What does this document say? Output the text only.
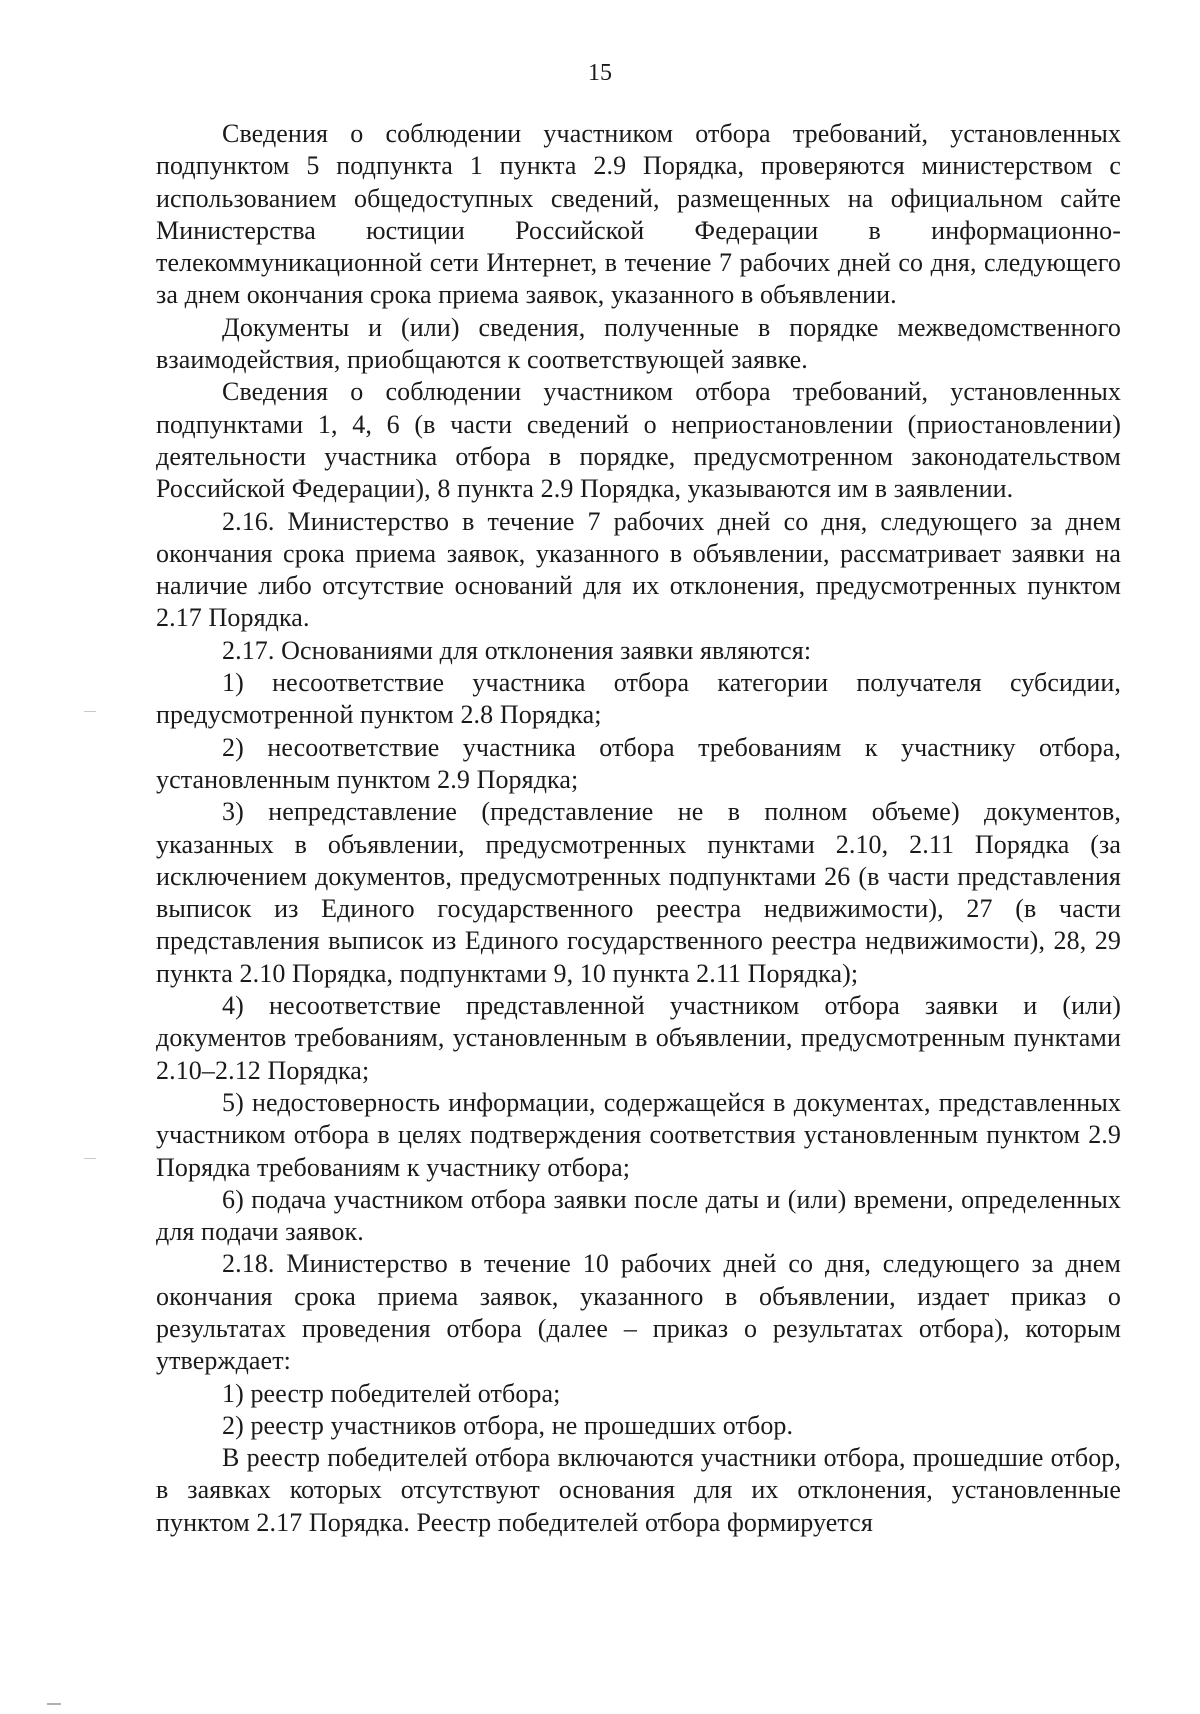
15

Сведения о соблюдении участником отбора требований, установленных подпунктом 5 подпункта 1 пункта 2.9 Порядка, проверяются министерством с использованием общедоступных сведений, размещенных на официальном сайте Министерства юстиции Российской Федерации в информационно-телекоммуникационной сети Интернет, в течение 7 рабочих дней со дня, следующего за днем окончания срока приема заявок, указанного в объявлении.

Документы и (или) сведения, полученные в порядке межведомственного взаимодействия, приобщаются к соответствующей заявке.

Сведения о соблюдении участником отбора требований, установленных подпунктами 1, 4, 6 (в части сведений о неприостановлении (приостановлении) деятельности участника отбора в порядке, предусмотренном законодательством Российской Федерации), 8 пункта 2.9 Порядка, указываются им в заявлении.

2.16. Министерство в течение 7 рабочих дней со дня, следующего за днем окончания срока приема заявок, указанного в объявлении, рассматривает заявки на наличие либо отсутствие оснований для их отклонения, предусмотренных пунктом 2.17 Порядка.

2.17. Основаниями для отклонения заявки являются:

1) несоответствие участника отбора категории получателя субсидии, предусмотренной пунктом 2.8 Порядка;

2) несоответствие участника отбора требованиям к участнику отбора, установленным пунктом 2.9 Порядка;

3) непредставление (представление не в полном объеме) документов, указанных в объявлении, предусмотренных пунктами 2.10, 2.11 Порядка (за исключением документов, предусмотренных подпунктами 26 (в части представления выписок из Единого государственного реестра недвижимости), 27 (в части представления выписок из Единого государственного реестра недвижимости), 28, 29 пункта 2.10 Порядка, подпунктами 9, 10 пункта 2.11 Порядка);

4) несоответствие представленной участником отбора заявки и (или) документов требованиям, установленным в объявлении, предусмотренным пунктами 2.10–2.12 Порядка;

5) недостоверность информации, содержащейся в документах, представленных участником отбора в целях подтверждения соответствия установленным пунктом 2.9 Порядка требованиям к участнику отбора;

6) подача участником отбора заявки после даты и (или) времени, определенных для подачи заявок.

2.18. Министерство в течение 10 рабочих дней со дня, следующего за днем окончания срока приема заявок, указанного в объявлении, издает приказ о результатах проведения отбора (далее – приказ о результатах отбора), которым утверждает:

1) реестр победителей отбора;

2) реестр участников отбора, не прошедших отбор.

В реестр победителей отбора включаются участники отбора, прошедшие отбор, в заявках которых отсутствуют основания для их отклонения, установленные пунктом 2.17 Порядка. Реестр победителей отбора формируется
